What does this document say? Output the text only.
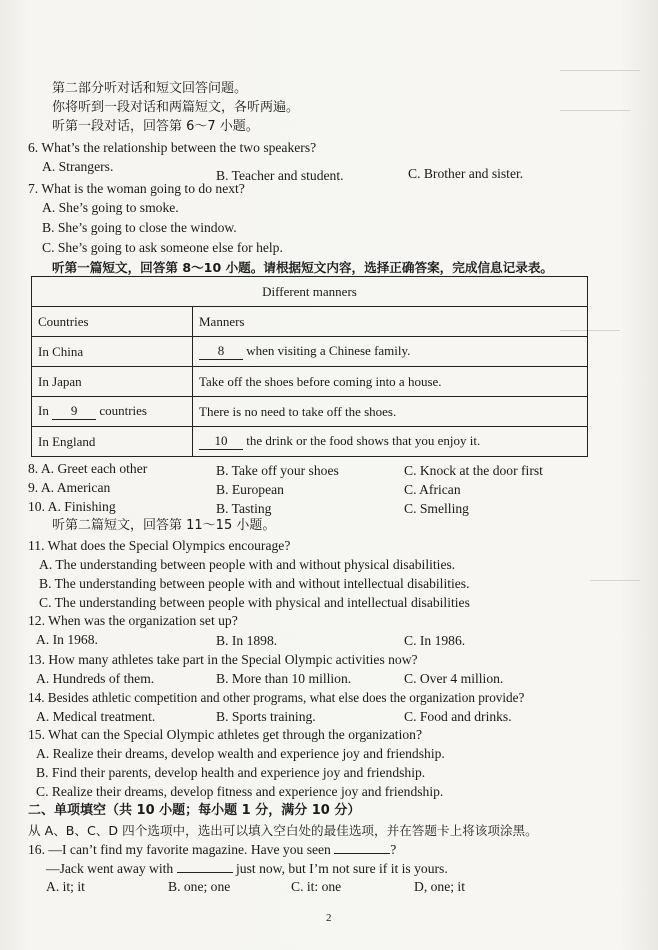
第二部分听对话和短文回答问题。
你将听到一段对话和两篇短文，各听两遍。
听第一段对话，回答第 6～7 小题。
6. What’s the relationship between the two speakers?
A. Strangers.
B. Teacher and student.	C. Brother and sister.
7. What is the woman going to do next?
A. She’s going to smoke.
B. She’s going to close the window.
C. She’s going to ask someone else for help.
听第一篇短文，回答第 8～10 小题。请根据短文内容，选择正确答案，完成信息记录表。
Different manners	
Countries	Manners
In China	8 when visiting a Chinese family.
In Japan	Take off the shoes before coming into a house.
In 9 countries	There is no need to take off the shoes.
In England	10 the drink or the food shows that you enjoy it.
8. A. Greet each other	B. Take off your shoes	C. Knock at the door first
9. A. American	B. European	C. African
10. A. Finishing	B. Tasting	C. Smelling
听第二篇短文，回答第 11～15 小题。
11. What does the Special Olympics encourage?
A. The understanding between people with and without physical disabilities.
B. The understanding between people with and without intellectual disabilities.
C. The understanding between people with physical and intellectual disabilities
12. When was the organization set up?
A. In 1968.	B. In 1898.	C. In 1986.
13. How many athletes take part in the Special Olympic activities now?
A. Hundreds of them.	B. More than 10 million.	C. Over 4 million.
14. Besides athletic competition and other programs, what else does the organization provide?
A. Medical treatment.	B. Sports training.	C. Food and drinks.
15. What can the Special Olympic athletes get through the organization?
A. Realize their dreams, develop wealth and experience joy and friendship.
B. Find their parents, develop health and experience joy and friendship.
C. Realize their dreams, develop fitness and experience joy and friendship.
二、单项填空（共 10 小题；每小题 1 分，满分 10 分）
从 A、B、C、D 四个选项中，选出可以填入空白处的最佳选项，并在答题卡上将该项涂黑。
16. —I can’t find my favorite magazine. Have you seen	?
—Jack went away with	just now, but I’m not sure if it is yours.
A. it; it	B. one; one	C. it: one	D, one; it
2
